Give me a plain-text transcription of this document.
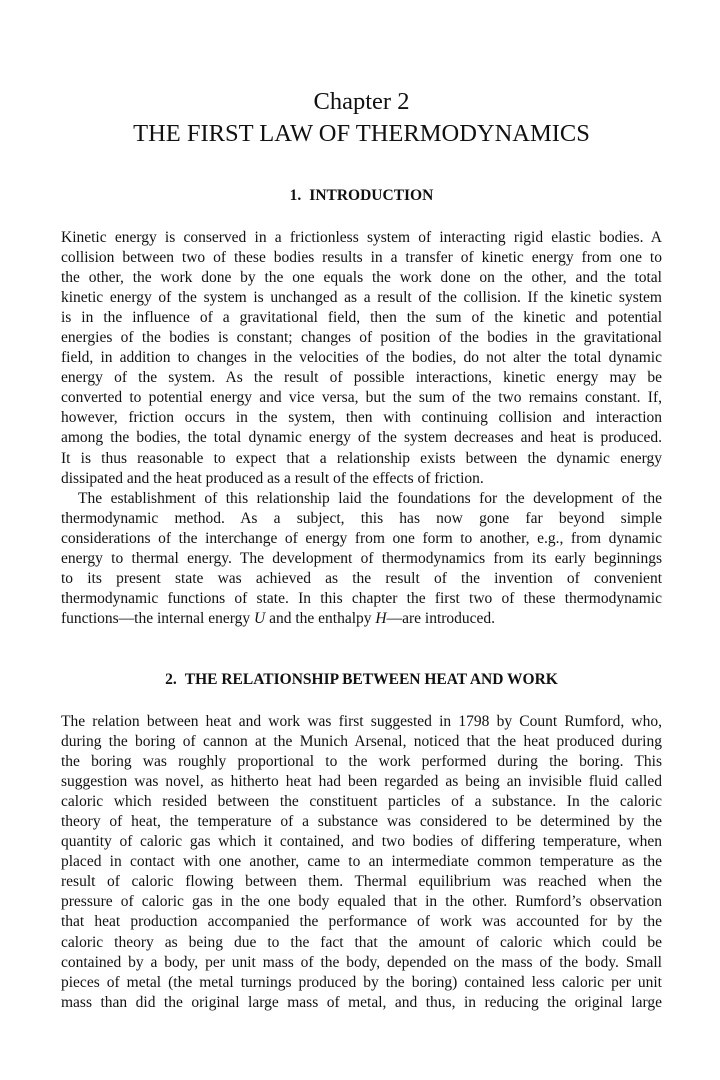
Chapter 2
THE FIRST LAW OF THERMODYNAMICS
1. INTRODUCTION
Kinetic energy is conserved in a frictionless system of interacting rigid elastic bodies. A
collision between two of these bodies results in a transfer of kinetic energy from one to
the other, the work done by the one equals the work done on the other, and the total
kinetic energy of the system is unchanged as a result of the collision. If the kinetic system
is in the influence of a gravitational field, then the sum of the kinetic and potential
energies of the bodies is constant; changes of position of the bodies in the gravitational
field, in addition to changes in the velocities of the bodies, do not alter the total dynamic
energy of the system. As the result of possible interactions, kinetic energy may be
converted to potential energy and vice versa, but the sum of the two remains constant. If,
however, friction occurs in the system, then with continuing collision and interaction
among the bodies, the total dynamic energy of the system decreases and heat is produced.
It is thus reasonable to expect that a relationship exists between the dynamic energy
dissipated and the heat produced as a result of the effects of friction.
The establishment of this relationship laid the foundations for the development of the
thermodynamic method. As a subject, this has now gone far beyond simple
considerations of the interchange of energy from one form to another, e.g., from dynamic
energy to thermal energy. The development of thermodynamics from its early beginnings
to its present state was achieved as the result of the invention of convenient
thermodynamic functions of state. In this chapter the first two of these thermodynamic
functions—the internal energy U and the enthalpy H—are introduced.
2. THE RELATIONSHIP BETWEEN HEAT AND WORK
The relation between heat and work was first suggested in 1798 by Count Rumford, who,
during the boring of cannon at the Munich Arsenal, noticed that the heat produced during
the boring was roughly proportional to the work performed during the boring. This
suggestion was novel, as hitherto heat had been regarded as being an invisible fluid called
caloric which resided between the constituent particles of a substance. In the caloric
theory of heat, the temperature of a substance was considered to be determined by the
quantity of caloric gas which it contained, and two bodies of differing temperature, when
placed in contact with one another, came to an intermediate common temperature as the
result of caloric flowing between them. Thermal equilibrium was reached when the
pressure of caloric gas in the one body equaled that in the other. Rumford’s observation
that heat production accompanied the performance of work was accounted for by the
caloric theory as being due to the fact that the amount of caloric which could be
contained by a body, per unit mass of the body, depended on the mass of the body. Small
pieces of metal (the metal turnings produced by the boring) contained less caloric per unit
mass than did the original large mass of metal, and thus, in reducing the original large
